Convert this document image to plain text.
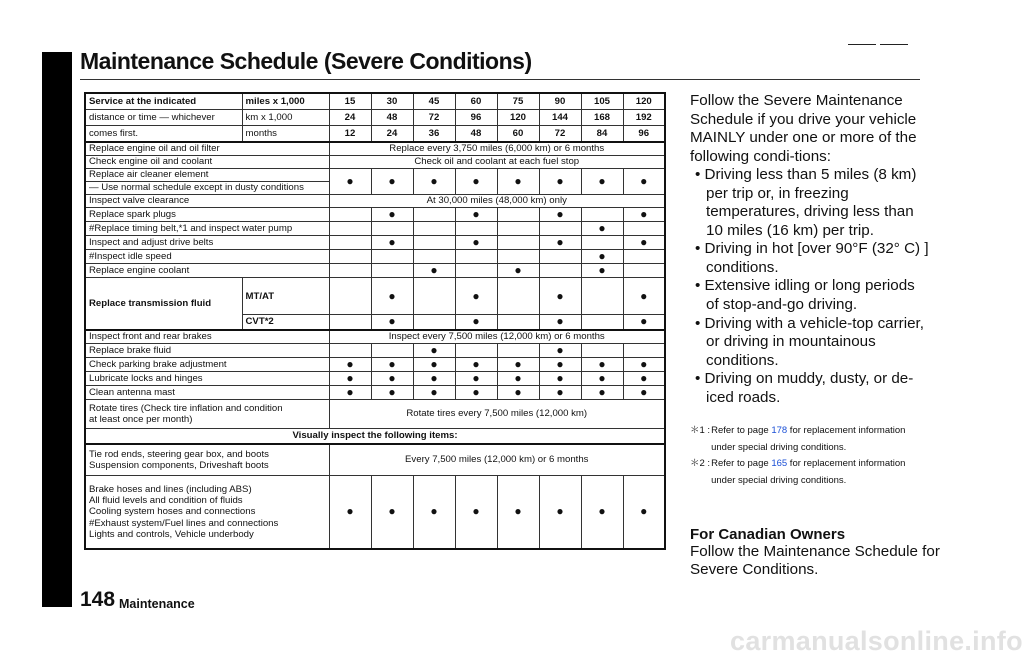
MAINTENANCE SCHEDULE
Maintenance Schedule (Severe Conditions)
Service at the indicated	miles x 1,000	15	30	45	60	75	90	105	120
distance or time — whichever	km x 1,000	24	48	72	96	120	144	168	192
comes first.	months	12	24	36	48	60	72	84	96
Replace engine oil and oil filter		Replace every 3,750 miles (6,000 km) or 6 months							
Check engine oil and coolant		Check oil and coolant at each fuel stop							
Replace air cleaner element		●	●	●	●	●	●	●	●
— Use normal schedule except in dusty conditions									
Inspect valve clearance		At 30,000 miles (48,000 km) only							
Replace spark plugs			●		●		●		●
#Replace timing belt,*1 and inspect water pump								●	
Inspect and adjust drive belts			●		●		●		●
#Inspect idle speed								●	
Replace engine coolant				●		●		●	
Replace transmission fluid	MT/AT		●		●		●		●
	CVT*2		●		●		●		●
Inspect front and rear brakes		Inspect every 7,500 miles (12,000 km) or 6 months							
Replace brake fluid				●			●		
Check parking brake adjustment		●	●	●	●	●	●	●	●
Lubricate locks and hinges		●	●	●	●	●	●	●	●
Clean antenna mast		●	●	●	●	●	●	●	●

Rotate tires (Check tire inflation and condition
at least once per month)		Rotate tires every 7,500 miles (12,000 km)							
Visually inspect the following items:									

Tie rod ends, steering gear box, and boots
Suspension components, Driveshaft boots		Every 7,500 miles (12,000 km) or 6 months							

Brake hoses and lines (including ABS)
All fluid levels and condition of fluids
Cooling system hoses and connections
#Exhaust system/Fuel lines and connections
Lights and controls, Vehicle underbody		●	●	●	●	●	●	●	●

Follow the Severe Maintenance Schedule if you drive your vehicle MAINLY under one or more of the following condi-tions:

• Driving less than 5 miles (8 km) per trip or, in freezing temperatures, driving less than 10 miles (16 km) per trip.
• Driving in hot [over 90°F (32° C) ] conditions.
• Extensive idling or long periods of stop-and-go driving.
• Driving with a vehicle-top carrier, or driving in mountainous conditions.
• Driving on muddy, dusty, or de-iced roads.
＊1 : Refer to page 178 for replacement information under special driving conditions.
＊2 : Refer to page 165 for replacement information under special driving conditions.
For Canadian Owners
Follow the Maintenance Schedule for Severe Conditions.
148 Maintenance
carmanualsonline.info
